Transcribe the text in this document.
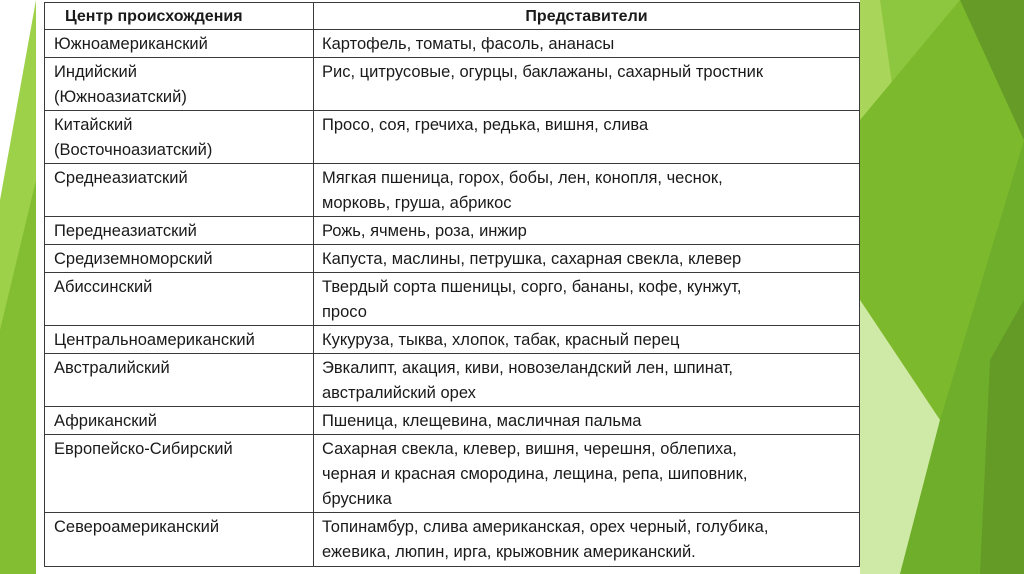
Центр происхождения	Представители
Южноамериканский	Картофель, томаты, фасоль, ананасы
Индийский
(Южноазиатский)	Рис, цитрусовые, огурцы, баклажаны, сахарный тростник
Китайский
(Восточноазиатский)	Просо, соя, гречиха, редька, вишня, слива
Среднеазиатский	Мягкая пшеница, горох, бобы, лен, конопля, чеснок,
морковь, груша, абрикос
Переднеазиатский	Рожь, ячмень, роза, инжир
Средиземноморский	Капуста, маслины, петрушка, сахарная свекла, клевер
Абиссинский	Твердый сорта пшеницы, сорго, бананы, кофе, кунжут,
просо
Центральноамериканский	Кукуруза, тыква, хлопок, табак, красный перец
Австралийский	Эвкалипт, акация, киви, новозеландский лен, шпинат,
австралийский орех
Африканский	Пшеница, клещевина, масличная пальма
Европейско-Сибирский	Сахарная свекла, клевер, вишня, черешня, облепиха,
черная и красная смородина, лещина, репа, шиповник,
брусника
Североамериканский	Топинамбур, слива американская, орех черный, голубика,
ежевика, люпин, ирга, крыжовник американский.
